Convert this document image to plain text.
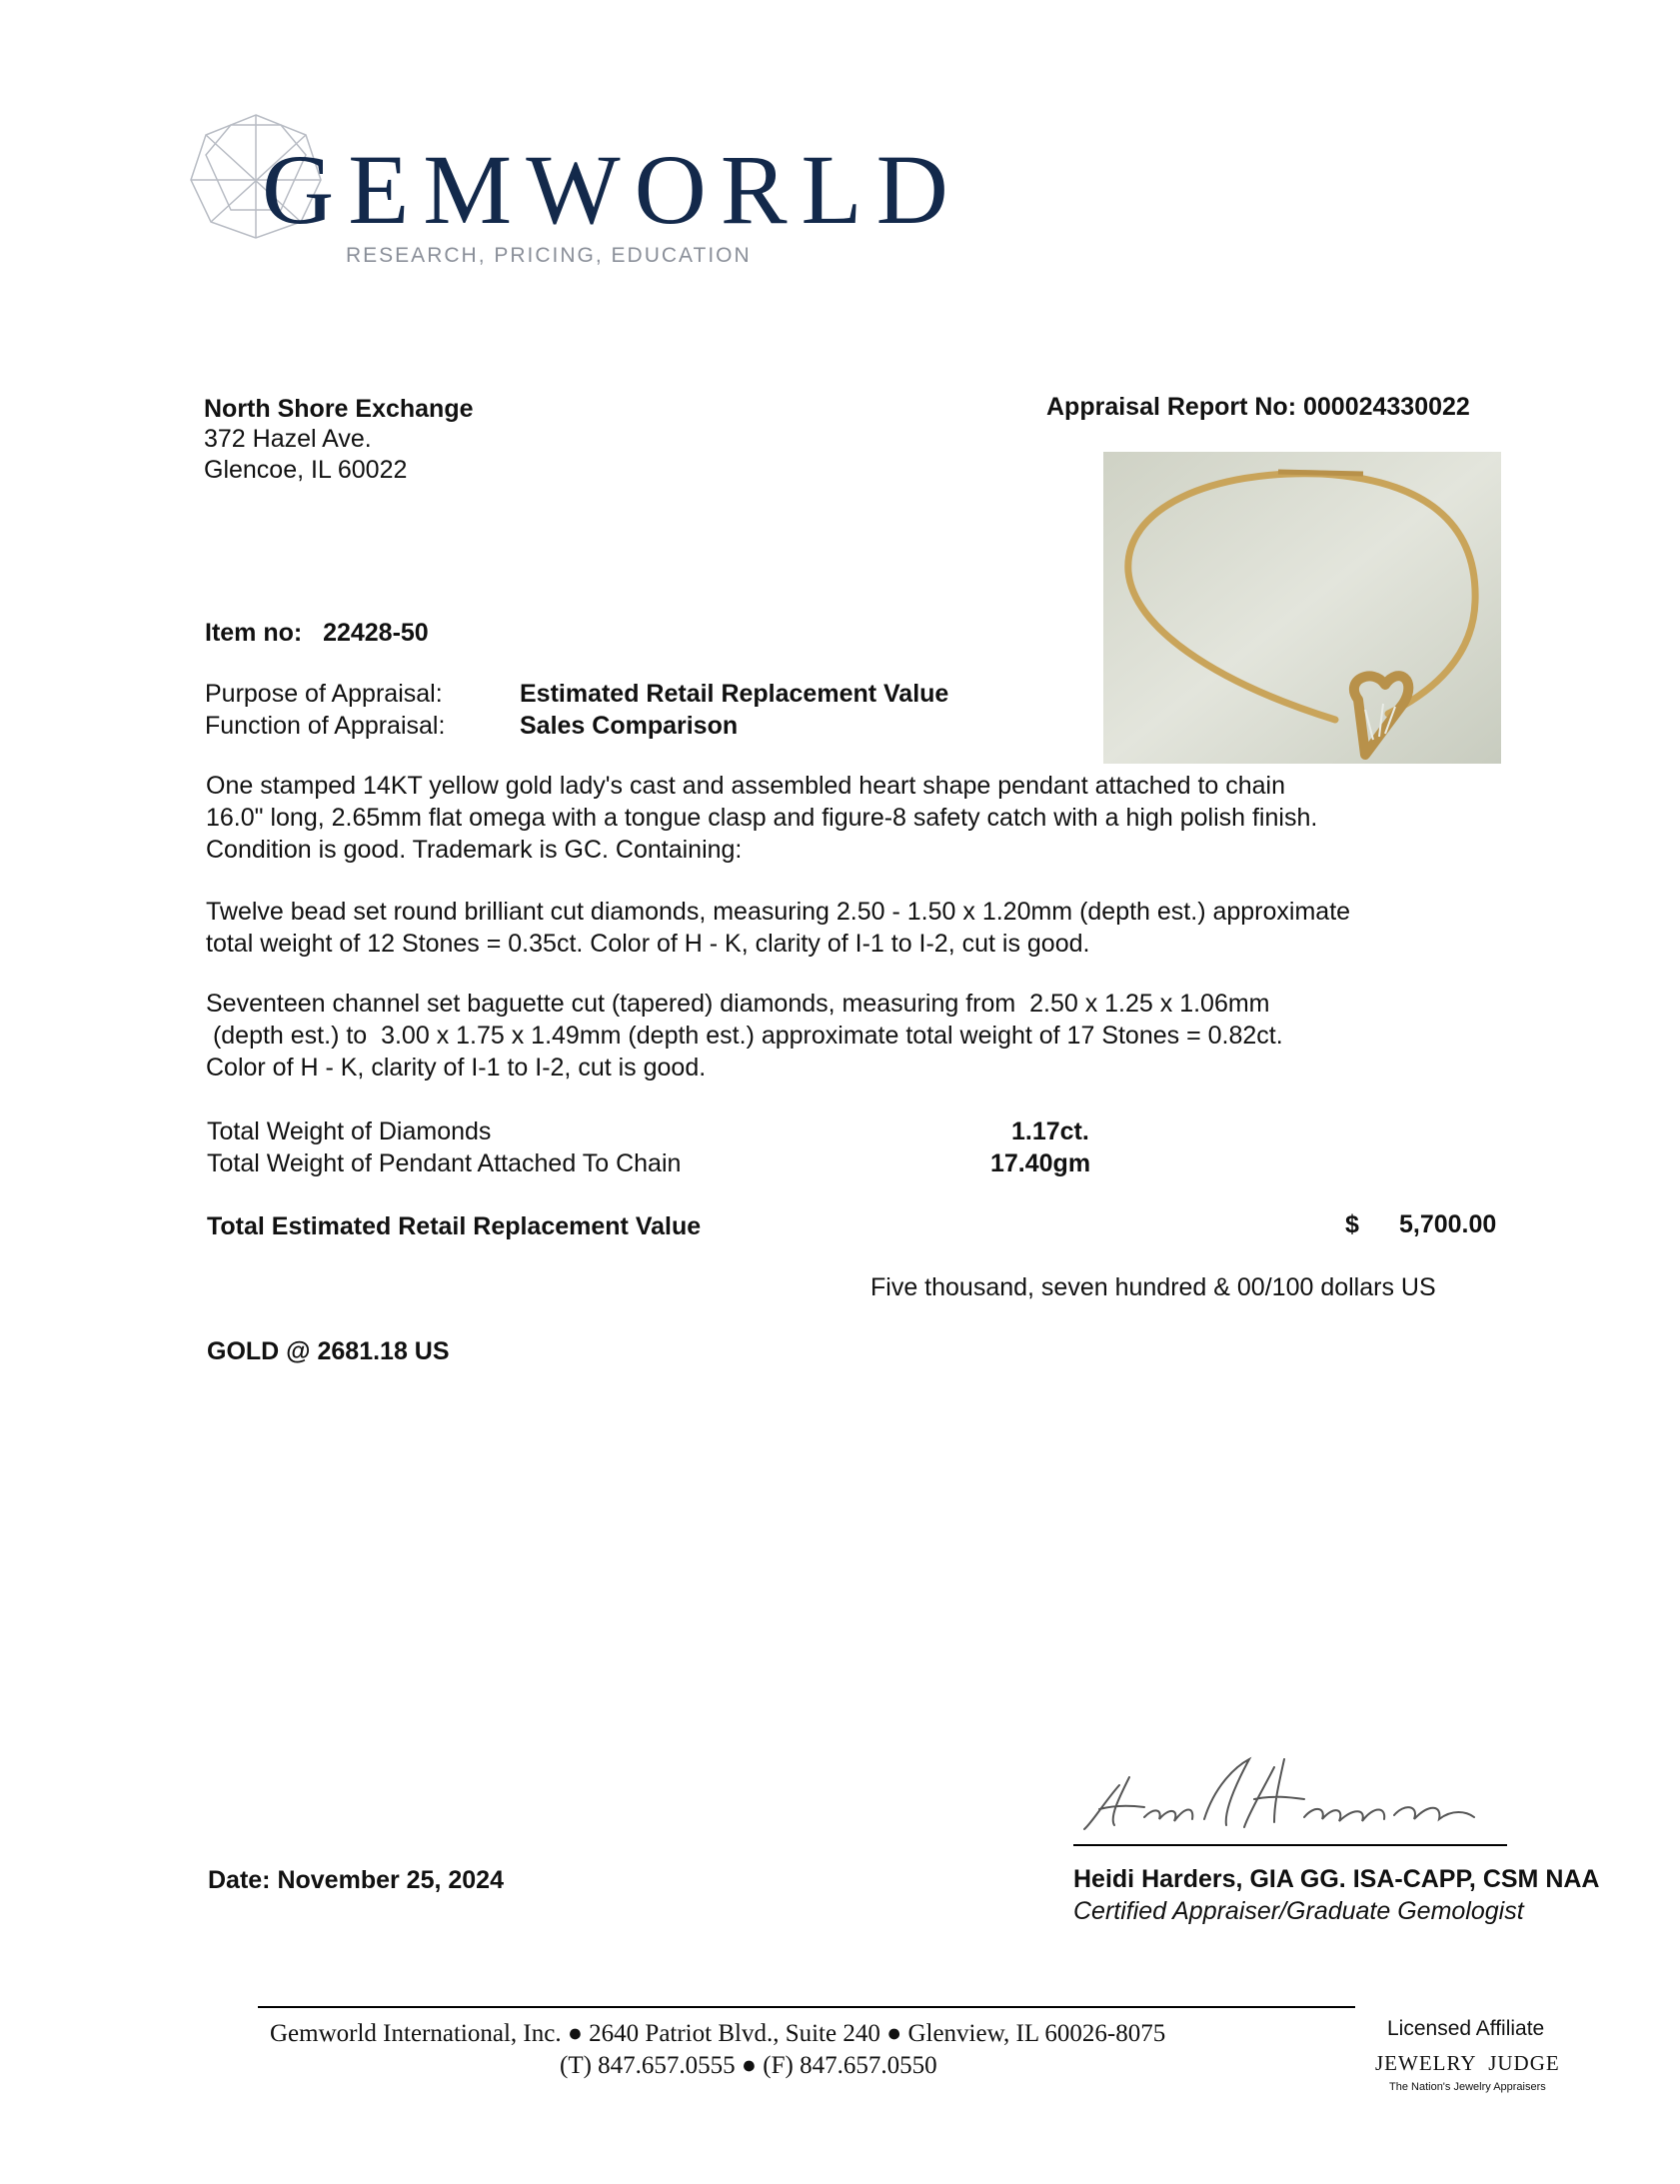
GEMWORLD
RESEARCH, PRICING, EDUCATION
North Shore Exchange
372 Hazel Ave.
Glencoe, IL 60022
Appraisal Report No: 000024330022
Item no: 22428-50
Purpose of Appraisal:	Estimated Retail Replacement Value
Function of Appraisal:	Sales Comparison
One stamped 14KT yellow gold lady's cast and assembled heart shape pendant attached to chain
16.0" long, 2.65mm flat omega with a tongue clasp and figure-8 safety catch with a high polish finish.
Condition is good. Trademark is GC. Containing:
Twelve bead set round brilliant cut diamonds, measuring 2.50 - 1.50 x 1.20mm (depth est.) approximate
total weight of 12 Stones = 0.35ct. Color of H - K, clarity of I-1 to I-2, cut is good.
Seventeen channel set baguette cut (tapered) diamonds, measuring from  2.50 x 1.25 x 1.06mm
(depth est.) to  3.00 x 1.75 x 1.49mm (depth est.) approximate total weight of 17 Stones = 0.82ct.
Color of H - K, clarity of I-1 to I-2, cut is good.
Total Weight of Diamonds	1.17ct.
Total Weight of Pendant Attached To Chain	17.40gm
Total Estimated Retail Replacement Value	$ 5,700.00
Five thousand, seven hundred & 00/100 dollars US
GOLD @ 2681.18 US
Heidi Harders, GIA GG. ISA-CAPP, CSM NAA
Certified Appraiser/Graduate Gemologist
Date: November 25, 2024
Gemworld International, Inc. ● 2640 Patriot Blvd., Suite 240 ● Glenview, IL 60026-8075
(T) 847.657.0555 ● (F) 847.657.0550
Licensed Affiliate
JEWELRY  JUDGE
The Nation's Jewelry Appraisers
